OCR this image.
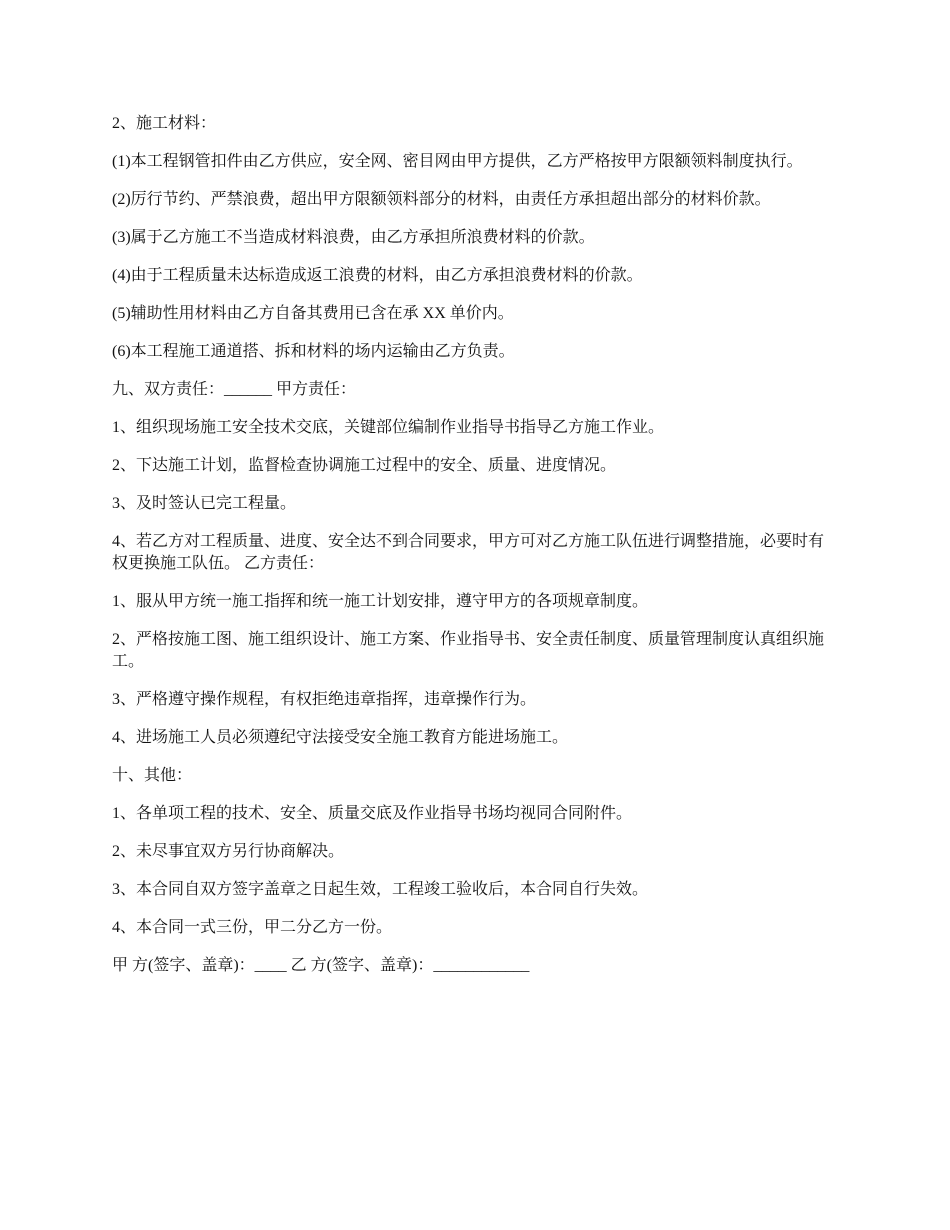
2、施工材料：

(1)本工程钢管扣件由乙方供应，安全网、密目网由甲方提供，乙方严格按甲方限额领料制度执行。

(2)厉行节约、严禁浪费，超出甲方限额领料部分的材料，由责任方承担超出部分的材料价款。

(3)属于乙方施工不当造成材料浪费，由乙方承担所浪费材料的价款。

(4)由于工程质量未达标造成返工浪费的材料，由乙方承担浪费材料的价款。

(5)辅助性用材料由乙方自备其费用已含在承 XX 单价内。

(6)本工程施工通道搭、拆和材料的场内运输由乙方负责。

九、双方责任：______ 甲方责任：

1、组织现场施工安全技术交底，关键部位编制作业指导书指导乙方施工作业。

2、下达施工计划，监督检查协调施工过程中的安全、质量、进度情况。

3、及时签认已完工程量。

4、若乙方对工程质量、进度、安全达不到合同要求，甲方可对乙方施工队伍进行调整措施，必要时有权更换施工队伍。 乙方责任：

1、服从甲方统一施工指挥和统一施工计划安排，遵守甲方的各项规章制度。

2、严格按施工图、施工组织设计、施工方案、作业指导书、安全责任制度、质量管理制度认真组织施工。

3、严格遵守操作规程，有权拒绝违章指挥，违章操作行为。

4、进场施工人员必须遵纪守法接受安全施工教育方能进场施工。

十、其他：

1、各单项工程的技术、安全、质量交底及作业指导书场均视同合同附件。

2、未尽事宜双方另行协商解决。

3、本合同自双方签字盖章之日起生效，工程竣工验收后，本合同自行失效。

4、本合同一式三份，甲二分乙方一份。

甲 方(签字、盖章)：____ 乙 方(签字、盖章)：____________
